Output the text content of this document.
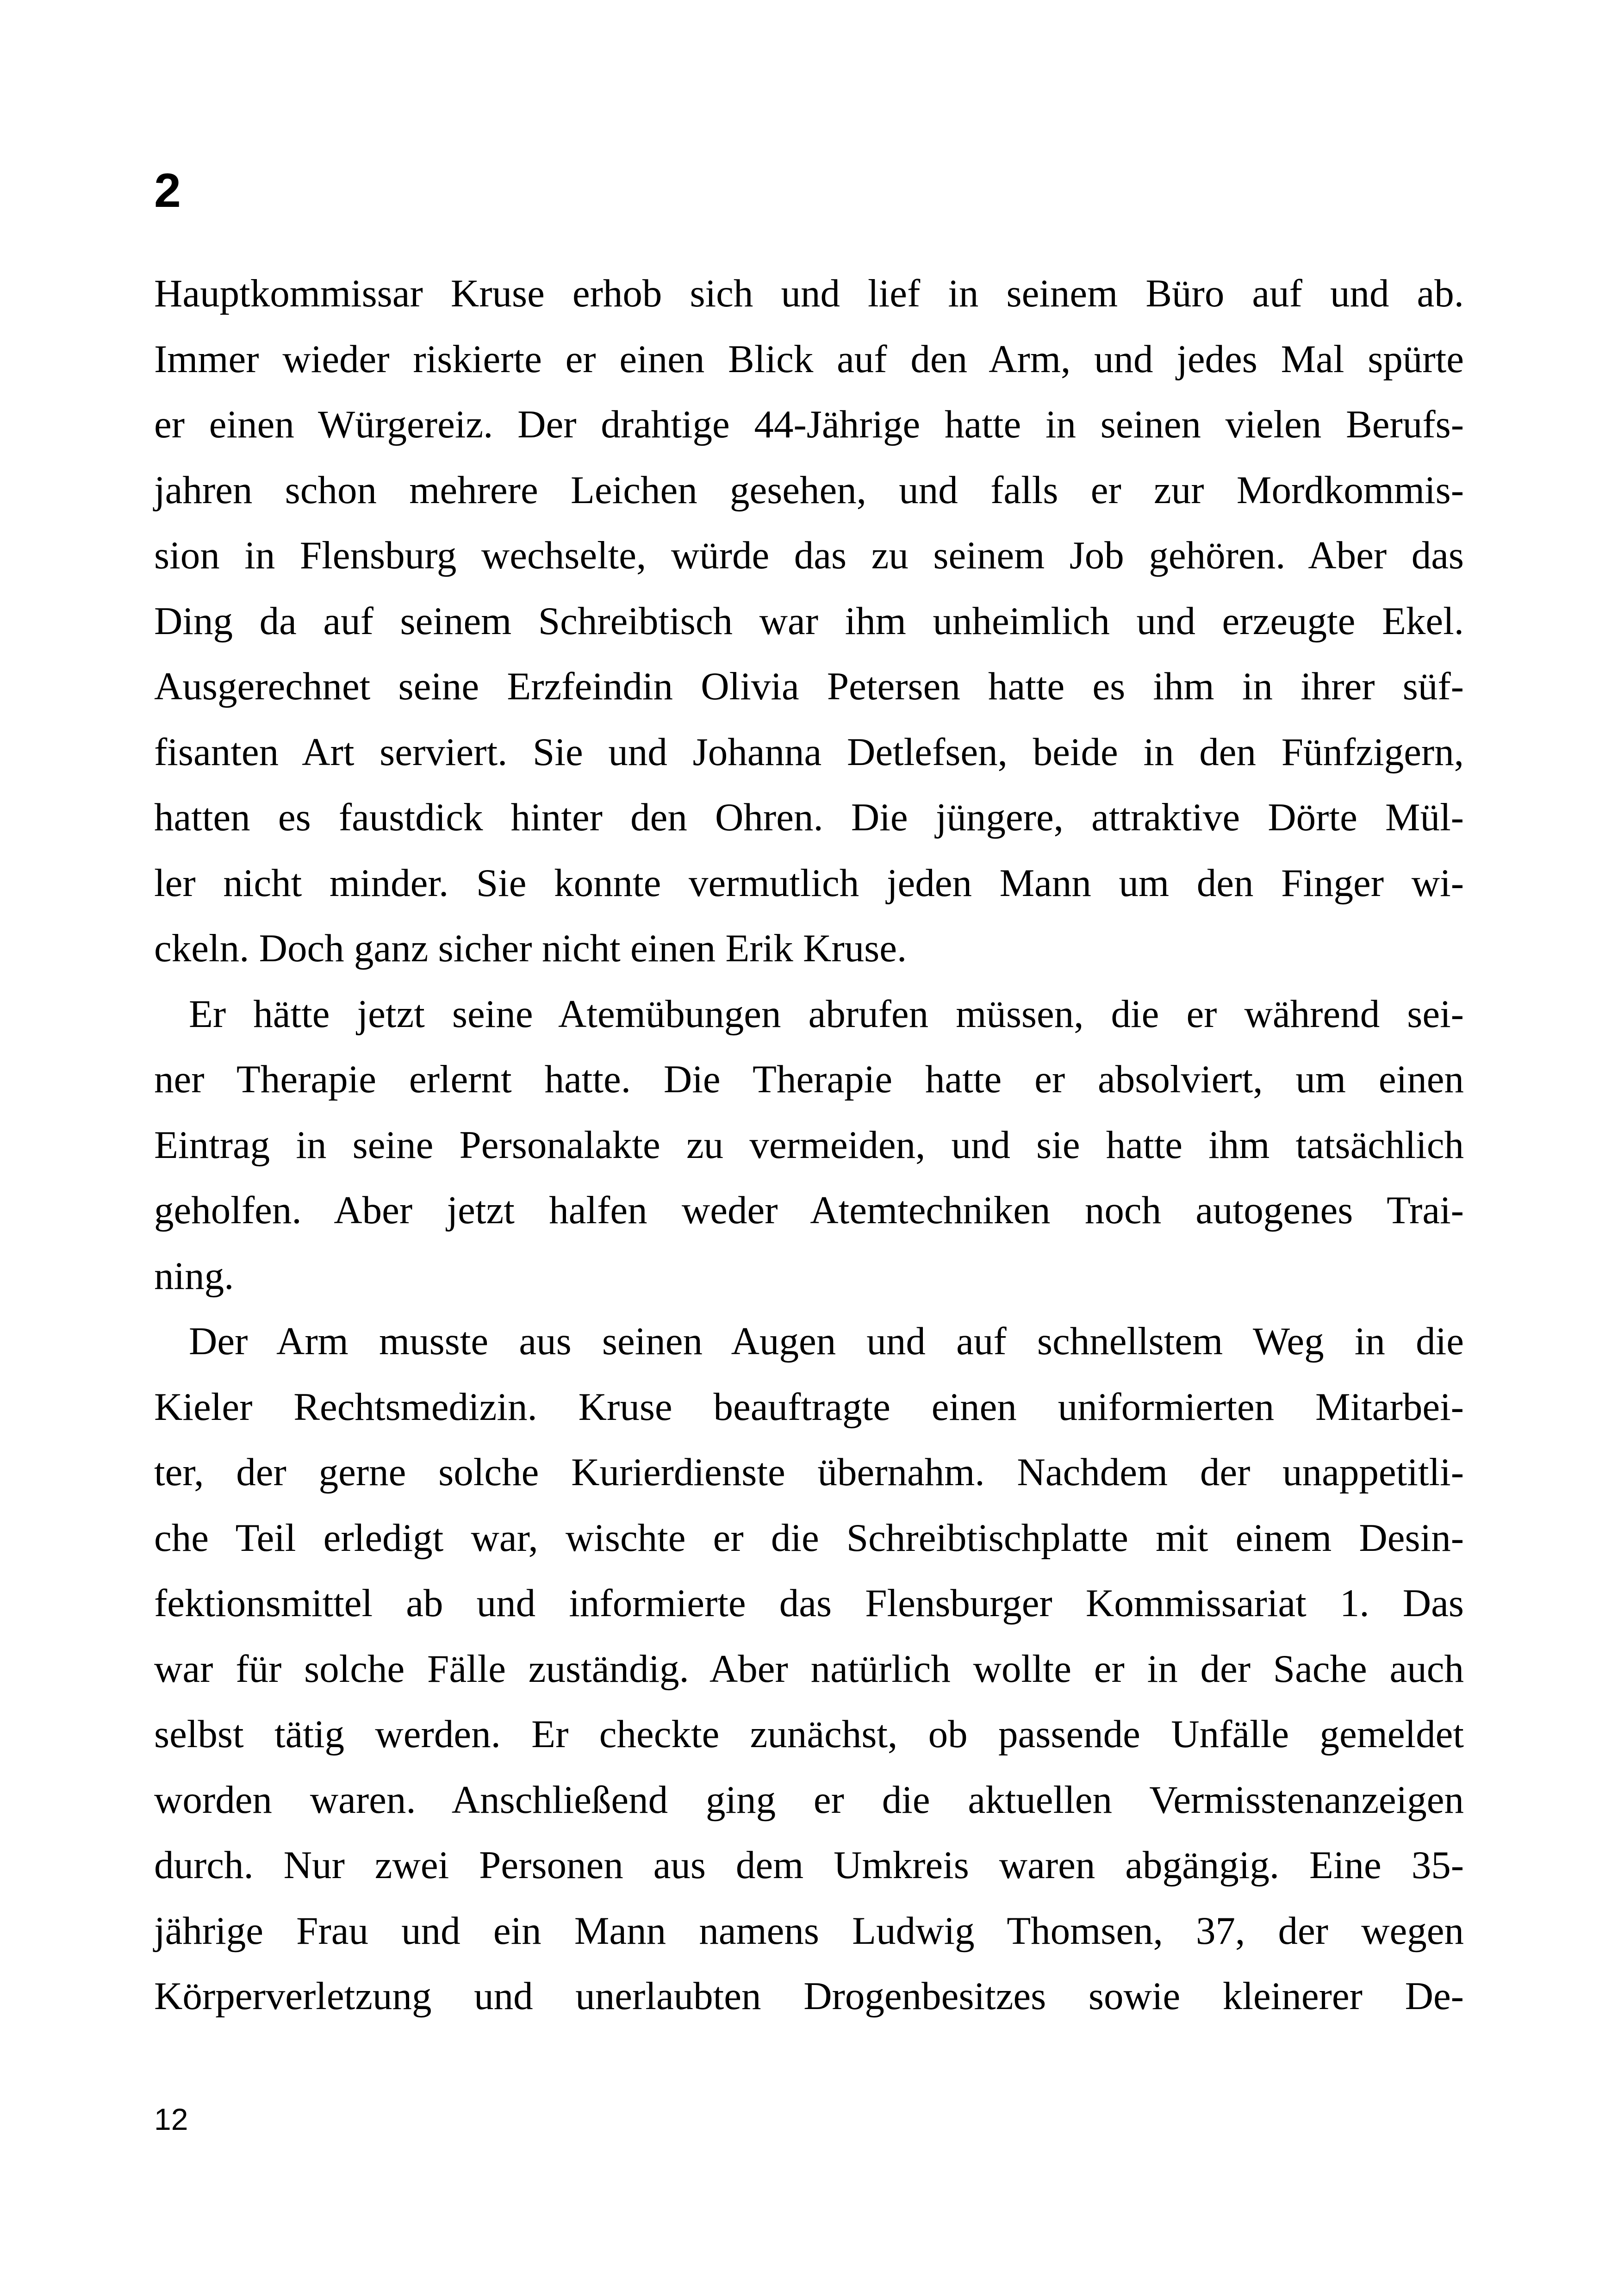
2
Hauptkommissar Kruse erhob sich und lief in seinem Büro auf und ab.
Immer wieder riskierte er einen Blick auf den Arm, und jedes Mal spürte
er einen Würgereiz. Der drahtige 44-Jährige hatte in seinen vielen Berufs-
jahren schon mehrere Leichen gesehen, und falls er zur Mordkommis-
sion in Flensburg wechselte, würde das zu seinem Job gehören. Aber das
Ding da auf seinem Schreibtisch war ihm unheimlich und erzeugte Ekel.
Ausgerechnet seine Erzfeindin Olivia Petersen hatte es ihm in ihrer süf-
fisanten Art serviert. Sie und Johanna Detlefsen, beide in den Fünfzigern,
hatten es faustdick hinter den Ohren. Die jüngere, attraktive Dörte Mül-
ler nicht minder. Sie konnte vermutlich jeden Mann um den Finger wi-
ckeln. Doch ganz sicher nicht einen Erik Kruse.
Er hätte jetzt seine Atemübungen abrufen müssen, die er während sei-
ner Therapie erlernt hatte. Die Therapie hatte er absolviert, um einen
Eintrag in seine Personalakte zu vermeiden, und sie hatte ihm tatsächlich
geholfen. Aber jetzt halfen weder Atemtechniken noch autogenes Trai-
ning.
Der Arm musste aus seinen Augen und auf schnellstem Weg in die
Kieler Rechtsmedizin. Kruse beauftragte einen uniformierten Mitarbei-
ter, der gerne solche Kurierdienste übernahm. Nachdem der unappetitli-
che Teil erledigt war, wischte er die Schreibtischplatte mit einem Desin-
fektionsmittel ab und informierte das Flensburger Kommissariat 1. Das
war für solche Fälle zuständig. Aber natürlich wollte er in der Sache auch
selbst tätig werden. Er checkte zunächst, ob passende Unfälle gemeldet
worden waren. Anschließend ging er die aktuellen Vermisstenanzeigen
durch. Nur zwei Personen aus dem Umkreis waren abgängig. Eine 35-
jährige Frau und ein Mann namens Ludwig Thomsen, 37, der wegen
Körperverletzung und unerlaubten Drogenbesitzes sowie kleinerer De-
12
